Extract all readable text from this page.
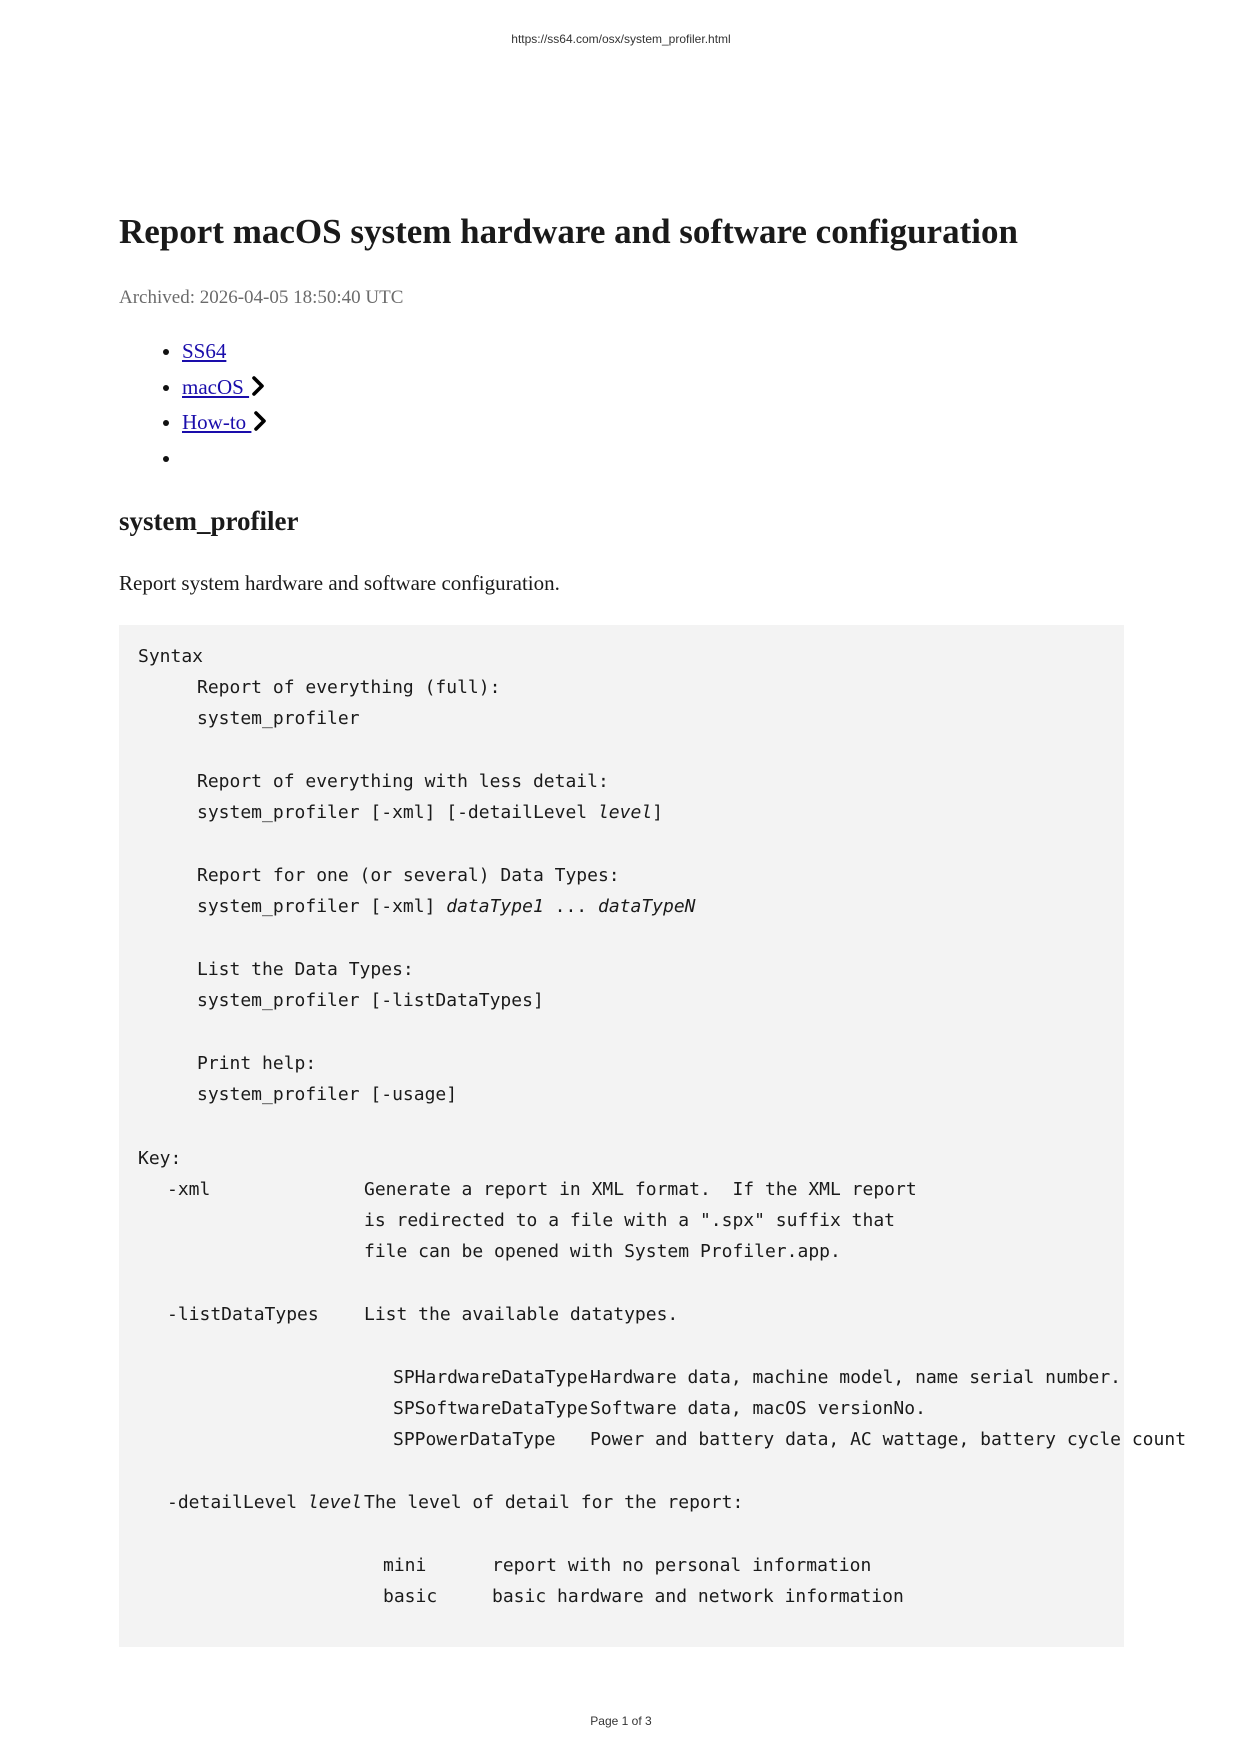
https://ss64.com/osx/system_profiler.html
Report macOS system hardware and software configuration
Archived: 2026-04-05 18:50:40 UTC
• SS64
• macOS
• How-to
•
system_profiler

Report system hardware and software configuration.

Syntax
Report of everything (full):
system_profiler
Report of everything with less detail:
system_profiler [-xml] [-detailLevel level]
Report for one (or several) Data Types:
system_profiler [-xml] dataType1 ... dataTypeN
List the Data Types:
system_profiler [-listDataTypes]
Print help:
system_profiler [-usage]
Key:
-xml	Generate a report in XML format.  If the XML report
is redirected to a file with a ".spx" suffix that
file can be opened with System Profiler.app.
-listDataTypes	List the available datatypes.
SPHardwareDataType Hardware data, machine model, name serial number.
SPSoftwareDataType Software data, macOS versionNo.
SPPowerDataType Power and battery data, AC wattage, battery cycle count
-detailLevel level The level of detail for the report:
mini	report with no personal information
basic	basic hardware and network information
Page 1 of 3
